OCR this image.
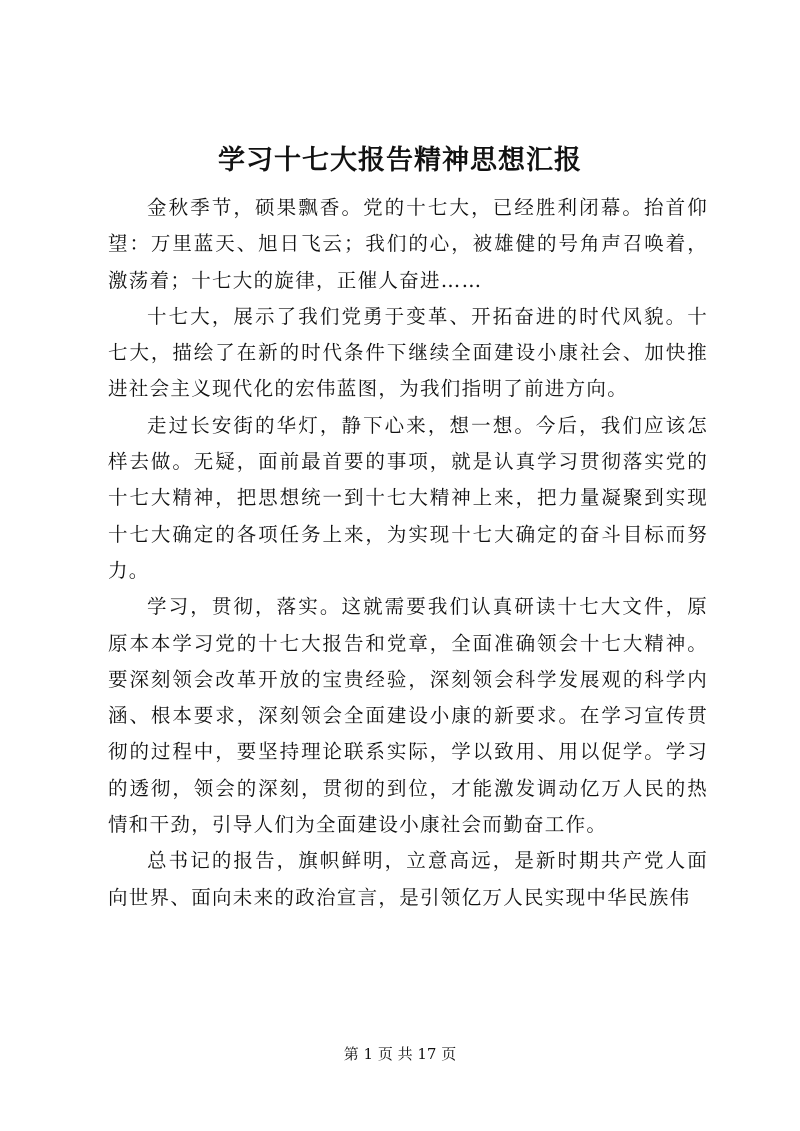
学习十七大报告精神思想汇报

金秋季节，硕果飘香。党的十七大，已经胜利闭幕。抬首仰望：万里蓝天、旭日飞云；我们的心，被雄健的号角声召唤着，激荡着；十七大的旋律，正催人奋进……

十七大，展示了我们党勇于变革、开拓奋进的时代风貌。十七大，描绘了在新的时代条件下继续全面建设小康社会、加快推进社会主义现代化的宏伟蓝图，为我们指明了前进方向。

走过长安街的华灯，静下心来，想一想。今后，我们应该怎样去做。无疑，面前最首要的事项，就是认真学习贯彻落实党的十七大精神，把思想统一到十七大精神上来，把力量凝聚到实现十七大确定的各项任务上来，为实现十七大确定的奋斗目标而努力。

学习，贯彻，落实。这就需要我们认真研读十七大文件，原原本本学习党的十七大报告和党章，全面准确领会十七大精神。要深刻领会改革开放的宝贵经验，深刻领会科学发展观的科学内涵、根本要求，深刻领会全面建设小康的新要求。在学习宣传贯彻的过程中，要坚持理论联系实际，学以致用、用以促学。学习的透彻，领会的深刻，贯彻的到位，才能激发调动亿万人民的热情和干劲，引导人们为全面建设小康社会而勤奋工作。

总书记的报告，旗帜鲜明，立意高远，是新时期共产党人面向世界、面向未来的政治宣言，是引领亿万人民实现中华民族伟

第 1 页 共 17 页
